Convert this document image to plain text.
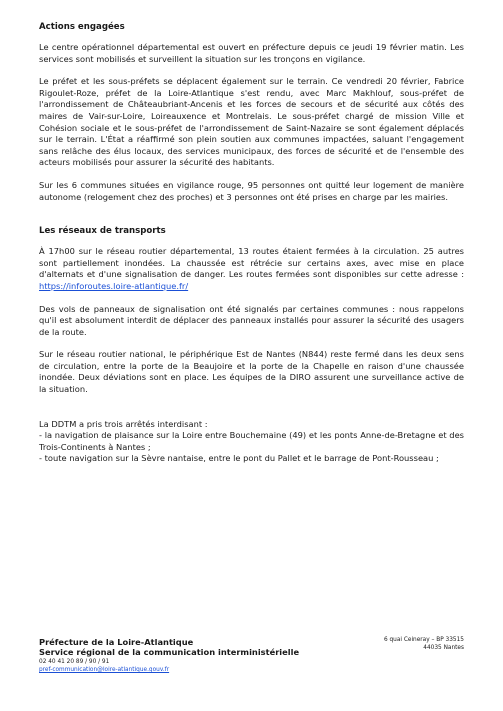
Actions engagées

Le centre opérationnel départemental est ouvert en préfecture depuis ce jeudi 19 février matin. Les services sont mobilisés et surveillent la situation sur les tronçons en vigilance.

Le préfet et les sous-préfets se déplacent également sur le terrain. Ce vendredi 20 février, Fabrice Rigoulet-Roze, préfet de la Loire-Atlantique s'est rendu, avec Marc Makhlouf, sous-préfet de l'arrondissement de Châteaubriant-Ancenis et les forces de secours et de sécurité aux côtés des maires de Vair-sur-Loire, Loireauxence et Montrelais. Le sous-préfet chargé de mission Ville et Cohésion sociale et le sous-préfet de l'arrondissement de Saint-Nazaire se sont également déplacés sur le terrain. L'État a réaffirmé son plein soutien aux communes impactées, saluant l'engagement sans relâche des élus locaux, des services municipaux, des forces de sécurité et de l'ensemble des acteurs mobilisés pour assurer la sécurité des habitants.

Sur les 6 communes situées en vigilance rouge, 95 personnes ont quitté leur logement de manière autonome (relogement chez des proches) et 3 personnes ont été prises en charge par les mairies.

Les réseaux de transports

À 17h00 sur le réseau routier départemental, 13 routes étaient fermées à la circulation. 25 autres sont partiellement inondées. La chaussée est rétrécie sur certains axes, avec mise en place d'alternats et d'une signalisation de danger. Les routes fermées sont disponibles sur cette adresse : https://inforoutes.loire-atlantique.fr/

Des vols de panneaux de signalisation ont été signalés par certaines communes : nous rappelons qu'il est absolument interdit de déplacer des panneaux installés pour assurer la sécurité des usagers de la route.

Sur le réseau routier national, le périphérique Est de Nantes (N844) reste fermé dans les deux sens de circulation, entre la porte de la Beaujoire et la porte de la Chapelle en raison d'une chaussée inondée. Deux déviations sont en place. Les équipes de la DIRO assurent une surveillance active de la situation.

La DDTM a pris trois arrêtés interdisant :

- la navigation de plaisance sur la Loire entre Bouchemaine (49) et les ponts Anne-de-Bretagne et des Trois-Continents à Nantes ;

- toute navigation sur la Sèvre nantaise, entre le pont du Pallet et le barrage de Pont-Rousseau ;

Préfecture de la Loire-Atlantique

Service régional de la communication interministérielle

02 40 41 20 89 / 90 / 91

pref-communication@loire-atlantique.gouv.fr

6 quai Ceineray – BP 33515
44035 Nantes
